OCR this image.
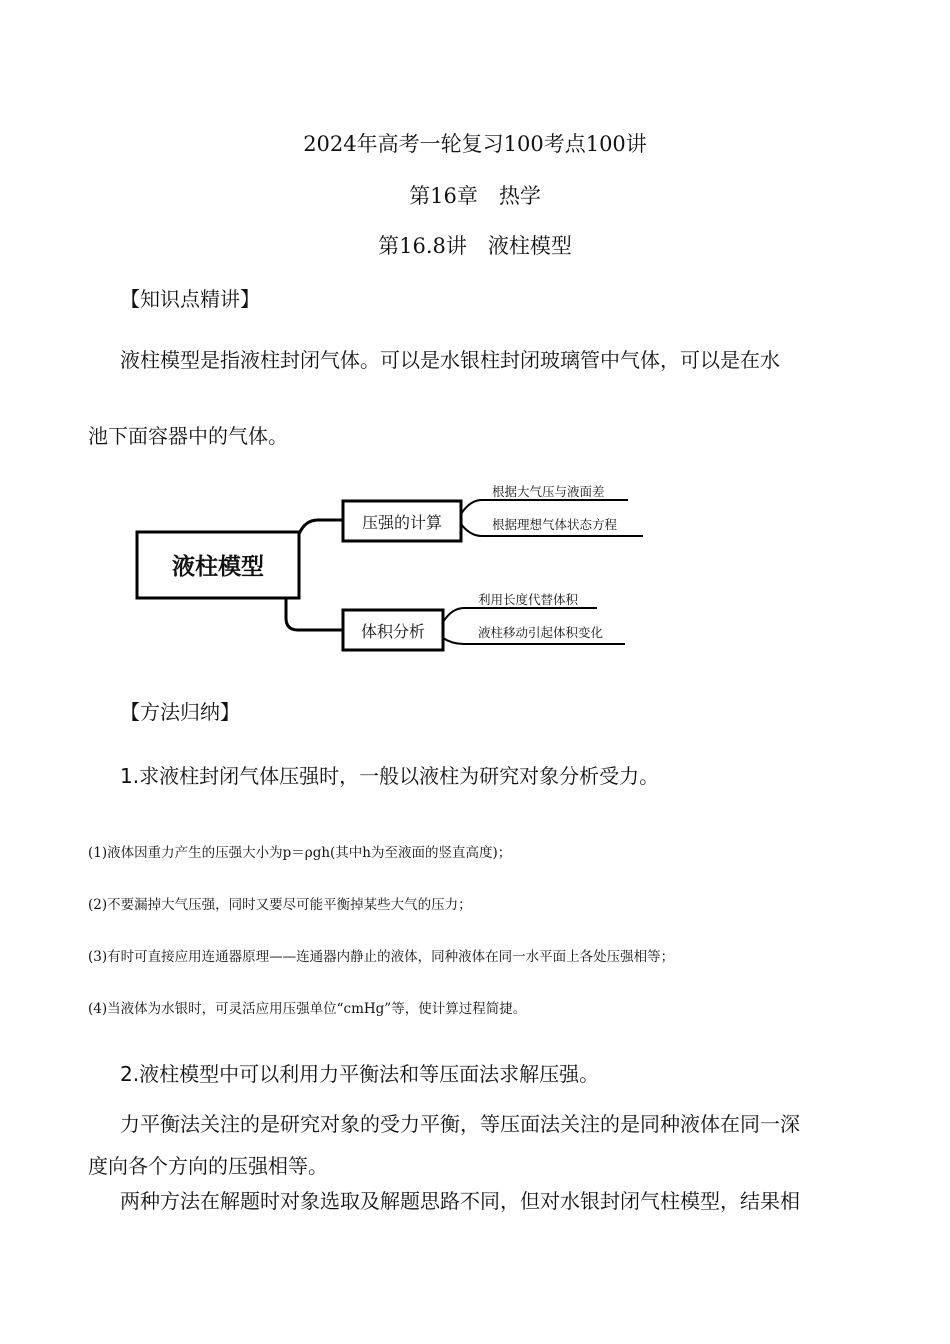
2024年高考一轮复习100考点100讲
第16章　热学
第16.8讲　液柱模型
【知识点精讲】
液柱模型是指液柱封闭气体。可以是水银柱封闭玻璃管中气体，可以是在水
池下面容器中的气体。
液柱模型
压强的计算
体积分析
根据大气压与液面差
根据理想气体状态方程
利用长度代替体积
液柱移动引起体积变化
【方法归纳】
1.求液柱封闭气体压强时，一般以液柱为研究对象分析受力。
(1)液体因重力产生的压强大小为p＝ρgh(其中h为至液面的竖直高度)；
(2)不要漏掉大气压强，同时又要尽可能平衡掉某些大气的压力；
(3)有时可直接应用连通器原理——连通器内静止的液体，同种液体在同一水平面上各处压强相等；
(4)当液体为水银时，可灵活应用压强单位“cmHg”等，使计算过程简捷。
2.液柱模型中可以利用力平衡法和等压面法求解压强。
力平衡法关注的是研究对象的受力平衡，等压面法关注的是同种液体在同一深
度向各个方向的压强相等。
两种方法在解题时对象选取及解题思路不同，但对水银封闭气柱模型，结果相
